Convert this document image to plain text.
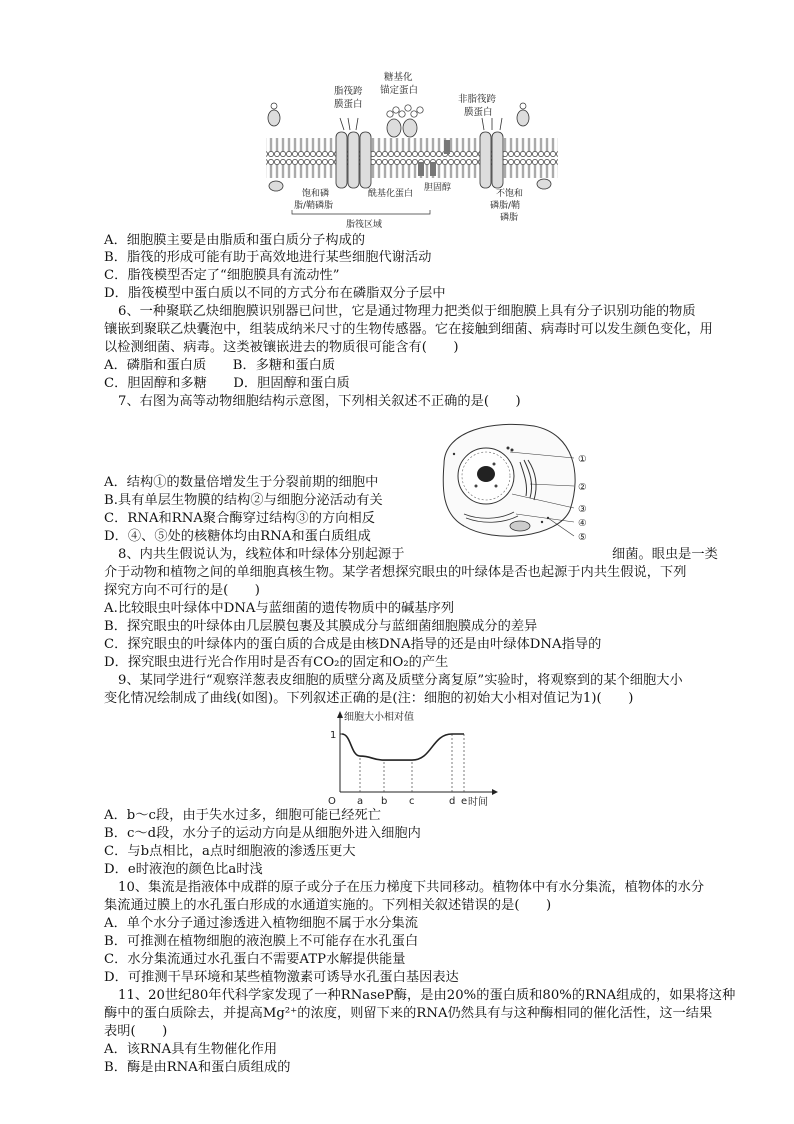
脂筏跨
膜蛋白
糖基化
锚定蛋白
非脂筏跨
膜蛋白
饱和磷
脂/鞘磷脂
酰基化蛋白
胆固醇
不饱和
磷脂/鞘
磷脂
脂筏区域
A．细胞膜主要是由脂质和蛋白质分子构成的
B．脂筏的形成可能有助于高效地进行某些细胞代谢活动
C．脂筏模型否定了“细胞膜具有流动性”
D．脂筏模型中蛋白质以不同的方式分布在磷脂双分子层中
6、一种聚联乙炔细胞膜识别器已问世，它是通过物理力把类似于细胞膜上具有分子识别功能的物质
镶嵌到聚联乙炔囊泡中，组装成纳米尺寸的生物传感器。它在接触到细菌、病毒时可以发生颜色变化，用
以检测细菌、病毒。这类被镶嵌进去的物质很可能含有(　　)
A．磷脂和蛋白质　　B．多糖和蛋白质
C．胆固醇和多糖　　D．胆固醇和蛋白质
7、右图为高等动物细胞结构示意图，下列相关叙述不正确的是(　　)
①
②
③
④
⑤
A．结构①的数量倍增发生于分裂前期的细胞中
B.具有单层生物膜的结构②与细胞分泌活动有关
C．RNA和RNA聚合酶穿过结构③的方向相反
D．④、⑤处的核糖体均由RNA和蛋白质组成
8、内共生假说认为，线粒体和叶绿体分别起源于	细菌。眼虫是一类
介于动物和植物之间的单细胞真核生物。某学者想探究眼虫的叶绿体是否也起源于内共生假说，下列
探究方向不可行的是(　　)
A.比较眼虫叶绿体中DNA与蓝细菌的遗传物质中的碱基序列
B．探究眼虫的叶绿体由几层膜包裹及其膜成分与蓝细菌细胞膜成分的差异
C．探究眼虫的叶绿体内的蛋白质的合成是由核DNA指导的还是由叶绿体DNA指导的
D．探究眼虫进行光合作用时是否有CO₂的固定和O₂的产生
9、某同学进行“观察洋葱表皮细胞的质壁分离及质壁分离复原”实验时，将观察到的某个细胞大小
变化情况绘制成了曲线(如图)。下列叙述正确的是(注：细胞的初始大小相对值记为1)(　　)
细胞大小相对值
O	时间
1
a b c	d e
A．b～c段，由于失水过多，细胞可能已经死亡
B．c～d段，水分子的运动方向是从细胞外进入细胞内
C．与b点相比，a点时细胞液的渗透压更大
D．e时液泡的颜色比a时浅
10、集流是指液体中成群的原子或分子在压力梯度下共同移动。植物体中有水分集流，植物体的水分
集流通过膜上的水孔蛋白形成的水通道实施的。下列相关叙述错误的是(　　)
A．单个水分子通过渗透进入植物细胞不属于水分集流
B．可推测在植物细胞的液泡膜上不可能存在水孔蛋白
C．水分集流通过水孔蛋白不需要ATP水解提供能量
D．可推测干旱环境和某些植物激素可诱导水孔蛋白基因表达
11、20世纪80年代科学家发现了一种RNaseP酶，是由20%的蛋白质和80%的RNA组成的，如果将这种
酶中的蛋白质除去，并提高Mg²⁺的浓度，则留下来的RNA仍然具有与这种酶相同的催化活性，这一结果
表明(　　)
A．该RNA具有生物催化作用
B．酶是由RNA和蛋白质组成的
